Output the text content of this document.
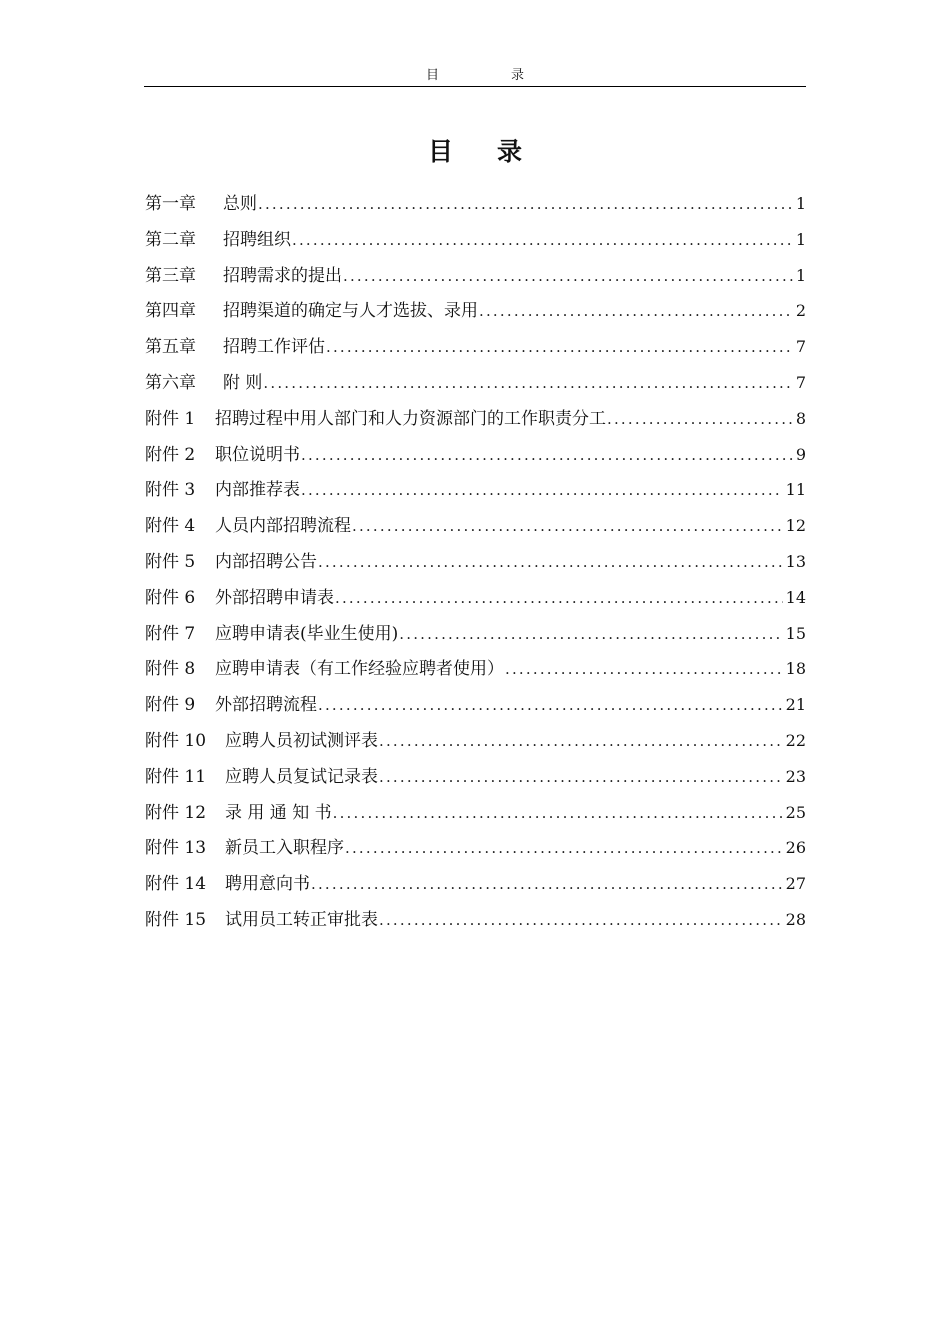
目	录
目 录
第一章	总则 .....	1
第二章	招聘组织 .....	1
第三章	招聘需求的提出 .....	1
第四章	招聘渠道的确定与人才选拔、录用 .....	2
第五章	招聘工作评估 .....	7
第六章	附 则 .....	7
附件 1	招聘过程中用人部门和人力资源部门的工作职责分工 .....	8
附件 2	职位说明书 .....	9
附件 3	内部推荐表 .....	11
附件 4	人员内部招聘流程 .....	12
附件 5	内部招聘公告 .....	13
附件 6	外部招聘申请表 .....	14
附件 7	应聘申请表(毕业生使用) .....	15
附件 8	应聘申请表（有工作经验应聘者使用） .....	18
附件 9	外部招聘流程 .....	21
附件 10	应聘人员初试测评表 .....	22
附件 11	应聘人员复试记录表 .....	23
附件 12	录 用 通 知 书 .....	25
附件 13	新员工入职程序 .....	26
附件 14	聘用意向书 .....	27
附件 15	试用员工转正审批表 .....	28
